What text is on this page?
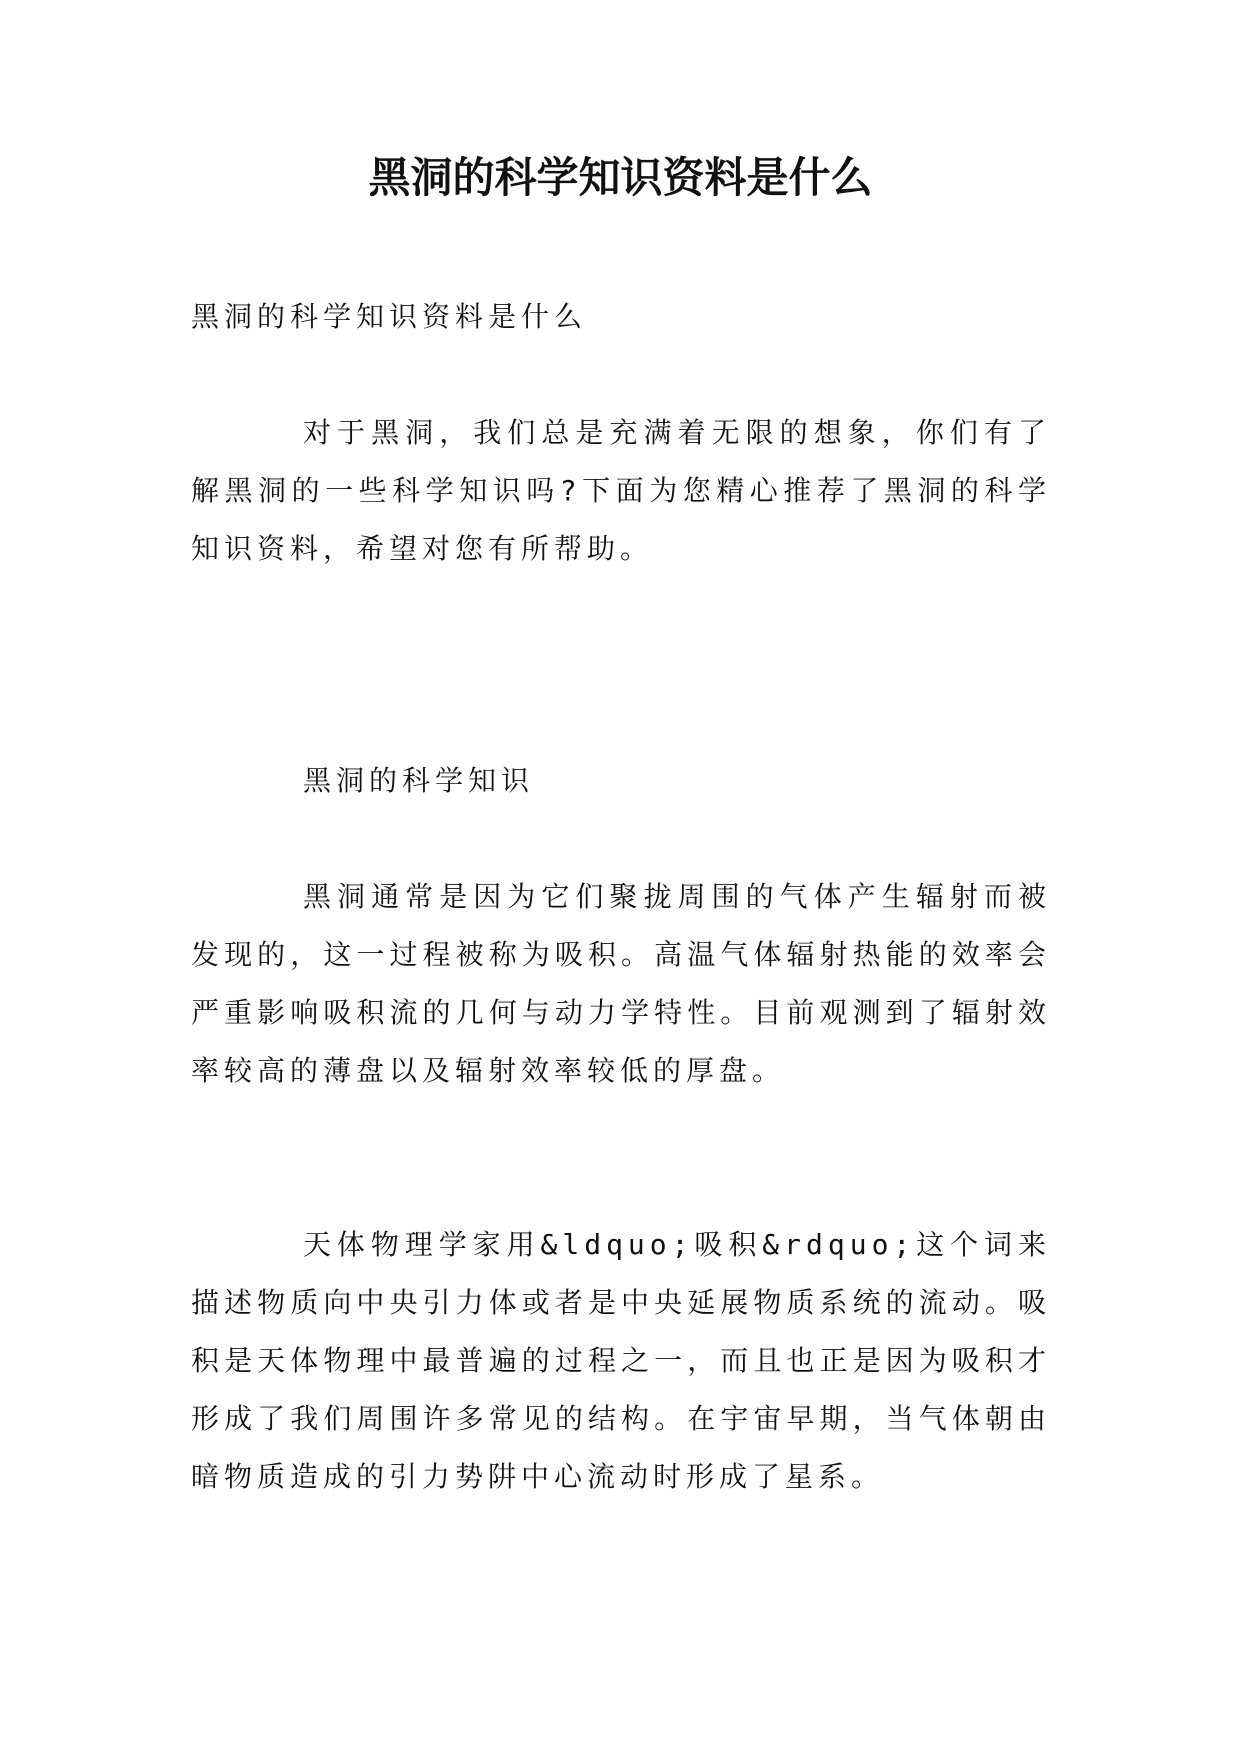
黑洞的科学知识资料是什么

黑洞的科学知识资料是什么

对于黑洞，我们总是充满着无限的想象，你们有了解黑洞的一些科学知识吗?下面为您精心推荐了黑洞的科学知识资料，希望对您有所帮助。

黑洞的科学知识

黑洞通常是因为它们聚拢周围的气体产生辐射而被发现的，这一过程被称为吸积。高温气体辐射热能的效率会严重影响吸积流的几何与动力学特性。目前观测到了辐射效率较高的薄盘以及辐射效率较低的厚盘。

天体物理学家用&ldquo;吸积&rdquo;这个词来描述物质向中央引力体或者是中央延展物质系统的流动。吸积是天体物理中最普遍的过程之一，而且也正是因为吸积才形成了我们周围许多常见的结构。在宇宙早期，当气体朝由暗物质造成的引力势阱中心流动时形成了星系。
